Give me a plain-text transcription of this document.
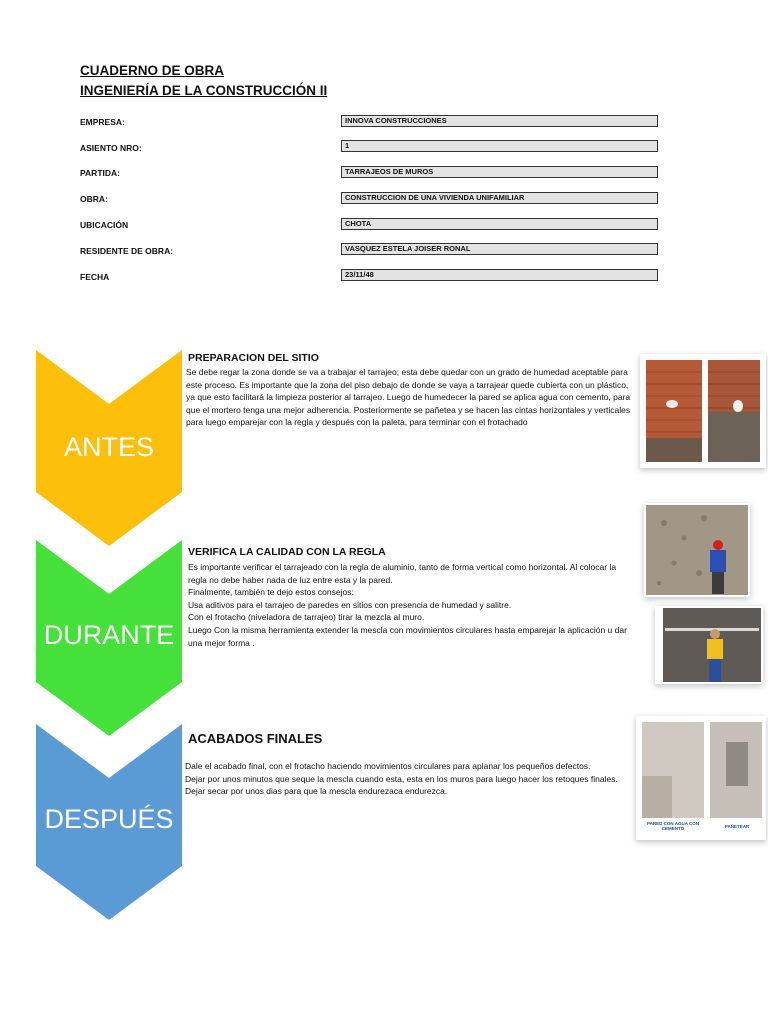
CUADERNO DE OBRA
INGENIERÍA DE LA CONSTRUCCIÓN II
EMPRESA:	INNOVA CONSTRUCCIONES
ASIENTO NRO:	1
PARTIDA:	TARRAJEOS DE MUROS
OBRA:	CONSTRUCCION DE UNA VIVIENDA UNIFAMILIAR
UBICACIÓN	CHOTA
RESIDENTE DE OBRA:	VASQUEZ ESTELA JOISER RONAL
FECHA	23/11/48
ANTES
PREPARACION DEL SITIO

Se debe regar la zona donde se va a trabajar el tarrajeo; esta debe quedar con un grado de humedad aceptable para este proceso. Es importante que la zona del piso debajo de donde se vaya a tarrajear quede cubierta con un plástico, ya que esto facilitará la limpieza posterior al tarrajeo. Luego de humedecer la pared se aplica agua con cemento, para que el mortero tenga una mejor adherencia. Posteriormente se pañetea y se hacen las cintas horizontales y verticales para luego emparejar con la regla y después con la paleta, para terminar con el frotachado

DURANTE
VERIFICA LA CALIDAD CON LA REGLA

Es importante verificar el tarrajeado con la regla de aluminio, tanto de forma vertical como horizontal. Al colocar la regla no debe haber nada de luz entre esta y la pared.

Finalmente, también te dejo estos consejos:

Usa aditivos para el tarrajeo de paredes en sitios con presencia de humedad y salitre.

Con el frotacho (niveladora de tarrajeo) tirar la mezcla al muro.

Luego Con la misma herramienta extender la mescla con movimientos circulares hasta emparejar la aplicación u dar una mejor forma .

DESPUÉS
ACABADOS FINALES

Dale el acabado final, con el frotacho haciendo movimientos circulares para aplanar los pequeños defectos.

Dejar por unos minutos que seque la mescla cuando esta, esta en los muros para luego hacer los retoques finales.

Dejar secar por unos dias para que la mescla endurezaca endurezca.

PARED CON AGUA CON CEMENTO	PAÑETEAR
